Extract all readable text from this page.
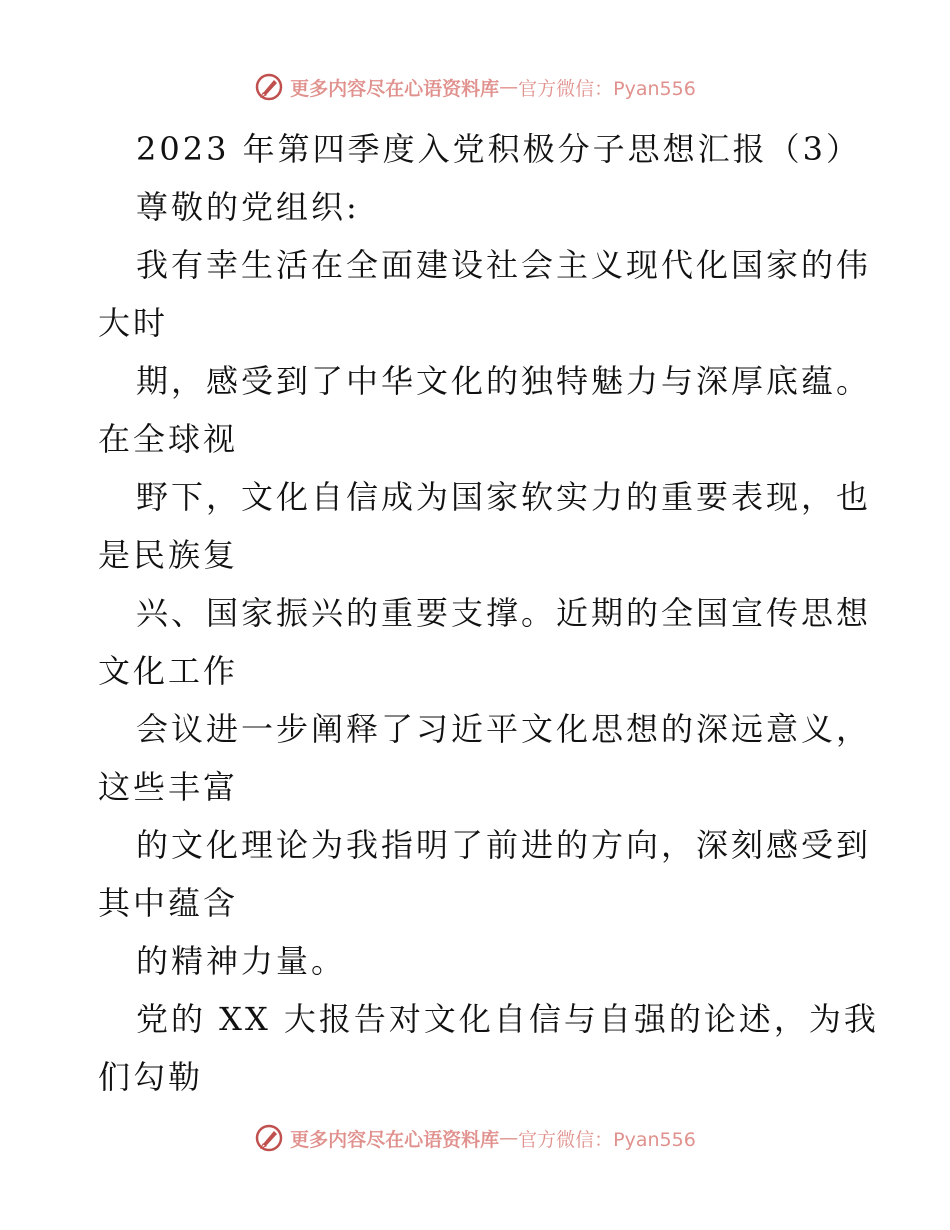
更多内容尽在心语资料库 — 官方微信：Pyan556
2023 年第四季度入党积极分子思想汇报（3）
尊敬的党组织:
我有幸生活在全面建设社会主义现代化国家的伟
大时
期，感受到了中华文化的独特魅力与深厚底蕴。
在全球视
野下，文化自信成为国家软实力的重要表现，也
是民族复
兴、国家振兴的重要支撑。近期的全国宣传思想
文化工作
会议进一步阐释了习近平文化思想的深远意义，
这些丰富
的文化理论为我指明了前进的方向，深刻感受到
其中蕴含
的精神力量。
党的 XX 大报告对文化自信与自强的论述，为我
们勾勒
更多内容尽在心语资料库 — 官方微信：Pyan556
